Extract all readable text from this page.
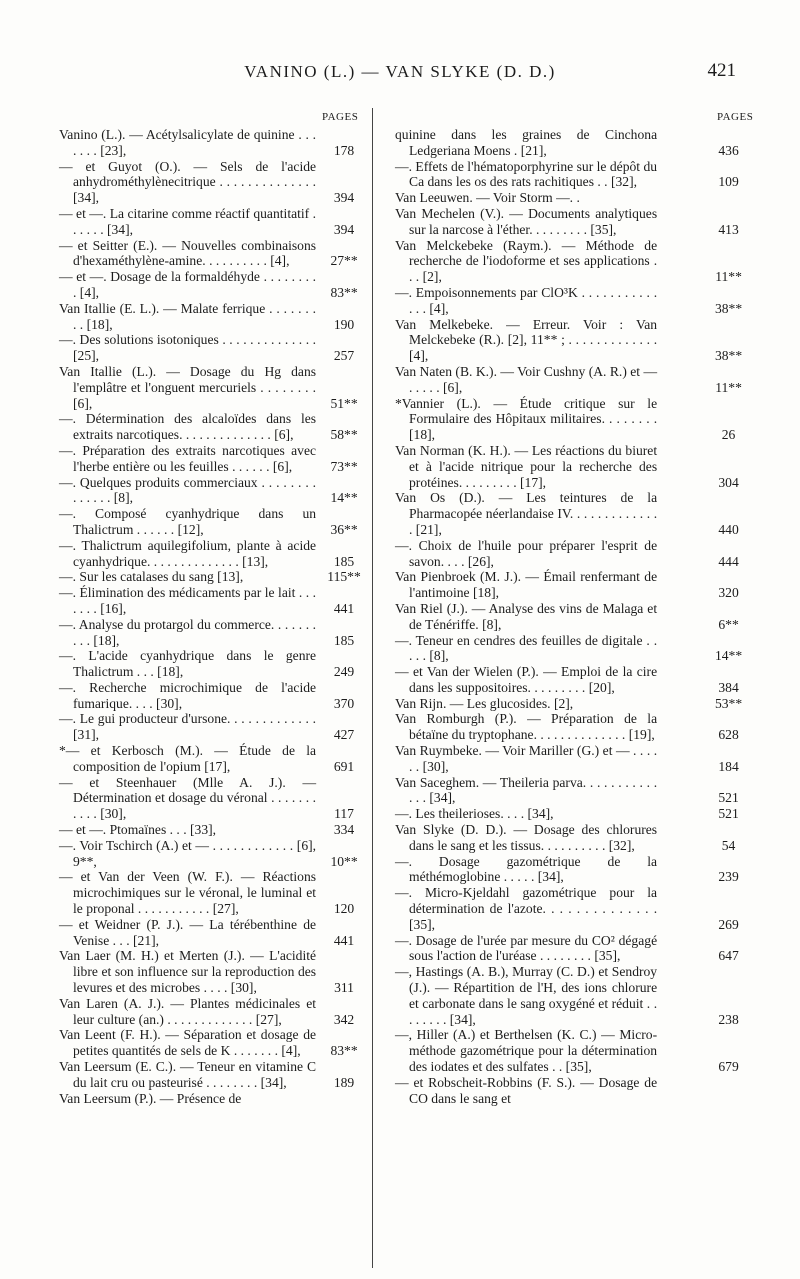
VANINO (L.) — VAN SLYKE (D. D.)	421
PAGES	PAGES
Vanino (L.). — Acétylsalicylate de quinine . . . . . . . [23],	178
— et Guyot (O.). — Sels de l'acide anhydrométhylènecitrique . . . . . . . . . . . . . . [34],	394
— et —. La citarine comme réactif quantitatif . . . . . . [34],	394
— et Seitter (E.). — Nouvelles combinaisons d'hexaméthylène-amine. . . . . . . . . . [4],	27**
— et —. Dosage de la formaldéhyde . . . . . . . . . [4],	83**
Van Itallie (E. L.). — Malate ferrique . . . . . . . . . [18],	190
—. Des solutions isotoniques . . . . . . . . . . . . . . [25],	257
Van Itallie (L.). — Dosage du Hg dans l'emplâtre et l'onguent mercuriels . . . . . . . . [6],	51**
—. Détermination des alcaloïdes dans les extraits narcotiques. . . . . . . . . . . . . . [6],	58**
—. Préparation des extraits narcotiques avec l'herbe entière ou les feuilles . . . . . . [6],	73**
—. Quelques produits commerciaux . . . . . . . . . . . . . . [8],	14**
—. Composé cyanhydrique dans un Thalictrum . . . . . . [12],	36**
—. Thalictrum aquilegifolium, plante à acide cyanhydrique. . . . . . . . . . . . . . [13],	185
—. Sur les catalases du sang [13],	115**
—. Élimination des médicaments par le lait . . . . . . . [16],	441
—. Analyse du protargol du commerce. . . . . . . . . . [18],	185
—. L'acide cyanhydrique dans le genre Thalictrum . . . [18],	249
—. Recherche microchimique de l'acide fumarique. . . . [30],	370
—. Le gui producteur d'ursone. . . . . . . . . . . . . [31],	427
*— et Kerbosch (M.). — Étude de la composition de l'opium [17],	691
— et Steenhauer (Mlle A. J.). — Détermination et dosage du véronal . . . . . . . . . . . [30],	117
— et —. Ptomaïnes . . . [33],	334
—. Voir Tschirch (A.) et — . . . . . . . . . . . . [6], 9**,	10**
— et Van der Veen (W. F.). — Réactions microchimiques sur le véronal, le luminal et le proponal . . . . . . . . . . . [27],	120
— et Weidner (P. J.). — La térébenthine de Venise . . . [21],	441
Van Laer (M. H.) et Merten (J.). — L'acidité libre et son influence sur la reproduction des levures et des microbes . . . . [30],	311
Van Laren (A. J.). — Plantes médicinales et leur culture (an.) . . . . . . . . . . . . . [27],	342
Van Leent (F. H.). — Séparation et dosage de petites quantités de sels de K . . . . . . . [4],	83**
Van Leersum (E. C.). — Teneur en vitamine C du lait cru ou pasteurisé . . . . . . . . [34],	189
Van Leersum (P.). — Présence de
quinine dans les graines de Cinchona Ledgeriana Moens . [21],	436
—. Effets de l'hématoporphyrine sur le dépôt du Ca dans les os des rats rachitiques . . [32],	109
Van Leeuwen. — Voir Storm —. .
Van Mechelen (V.). — Documents analytiques sur la narcose à l'éther. . . . . . . . . [35],	413
Van Melckebeke (Raym.). — Méthode de recherche de l'iodoforme et ses applications . . . [2],	11**
—. Empoisonnements par ClO³K . . . . . . . . . . . . . . [4],	38**
Van Melkebeke. — Erreur. Voir : Van Melckebeke (R.). [2], 11** ; . . . . . . . . . . . . . [4],	38**
Van Naten (B. K.). — Voir Cushny (A. R.) et — . . . . . [6],	11**
*Vannier (L.). — Étude critique sur le Formulaire des Hôpitaux militaires. . . . . . . . [18],	26
Van Norman (K. H.). — Les réactions du biuret et à l'acide nitrique pour la recherche des protéines. . . . . . . . . [17],	304
Van Os (D.). — Les teintures de la Pharmacopée néerlandaise IV. . . . . . . . . . . . . . [21],	440
—. Choix de l'huile pour préparer l'esprit de savon. . . . [26],	444
Van Pienbroek (M. J.). — Émail renfermant de l'antimoine [18],	320
Van Riel (J.). — Analyse des vins de Malaga et de Ténériffe. [8],	6**
—. Teneur en cendres des feuilles de digitale . . . . . [8],	14**
— et Van der Wielen (P.). — Emploi de la cire dans les suppositoires. . . . . . . . . [20],	384
Van Rijn. — Les glucosides. [2],	53**
Van Romburgh (P.). — Préparation de la bétaïne du tryptophane. . . . . . . . . . . . . . [19],	628
Van Ruymbeke. — Voir Mariller (G.) et — . . . . . . [30],	184
Van Saceghem. — Theileria parva. . . . . . . . . . . . . . [34],	521
—. Les theilerioses. . . . [34],	521
Van Slyke (D. D.). — Dosage des chlorures dans le sang et les tissus. . . . . . . . . . [32],	54
—. Dosage gazométrique de la méthémoglobine . . . . . [34],	239
—. Micro-Kjeldahl gazométrique pour la détermination de l'azote. . . . . . . . . . . . . . [35],	269
—. Dosage de l'urée par mesure du CO² dégagé sous l'action de l'uréase . . . . . . . . [35],	647
—, Hastings (A. B.), Murray (C. D.) et Sendroy (J.). — Répartition de l'H, des ions chlorure et carbonate dans le sang oxygéné et réduit . . . . . . . . [34],	238
—, Hiller (A.) et Berthelsen (K. C.) — Micro-méthode gazométrique pour la détermination des iodates et des sulfates . . [35],	679
— et Robscheit-Robbins (F. S.). — Dosage de CO dans le sang et
